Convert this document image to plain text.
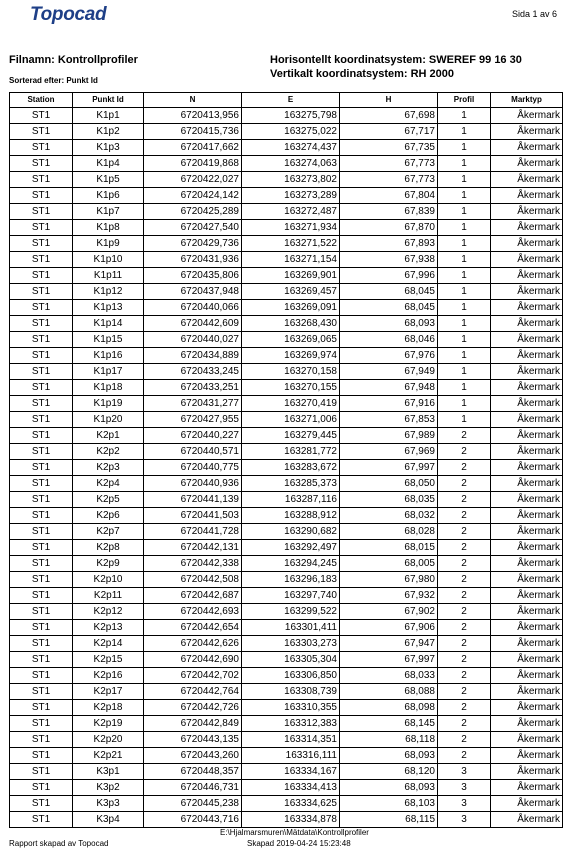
Topocad	Sida 1 av 6
Filnamn: Kontrollprofiler
Sorterad efter: Punkt Id
Horisontellt koordinatsystem: SWEREF 99 16 30
Vertikalt koordinatsystem: RH 2000
Station	Punkt Id	N	E	H	Profil	Marktyp
ST1	K1p1	6720413,956	163275,798	67,698	1	Åkermark
ST1	K1p2	6720415,736	163275,022	67,717	1	Åkermark
ST1	K1p3	6720417,662	163274,437	67,735	1	Åkermark
ST1	K1p4	6720419,868	163274,063	67,773	1	Åkermark
ST1	K1p5	6720422,027	163273,802	67,773	1	Åkermark
ST1	K1p6	6720424,142	163273,289	67,804	1	Åkermark
ST1	K1p7	6720425,289	163272,487	67,839	1	Åkermark
ST1	K1p8	6720427,540	163271,934	67,870	1	Åkermark
ST1	K1p9	6720429,736	163271,522	67,893	1	Åkermark
ST1	K1p10	6720431,936	163271,154	67,938	1	Åkermark
ST1	K1p11	6720435,806	163269,901	67,996	1	Åkermark
ST1	K1p12	6720437,948	163269,457	68,045	1	Åkermark
ST1	K1p13	6720440,066	163269,091	68,045	1	Åkermark
ST1	K1p14	6720442,609	163268,430	68,093	1	Åkermark
ST1	K1p15	6720440,027	163269,065	68,046	1	Åkermark
ST1	K1p16	6720434,889	163269,974	67,976	1	Åkermark
ST1	K1p17	6720433,245	163270,158	67,949	1	Åkermark
ST1	K1p18	6720433,251	163270,155	67,948	1	Åkermark
ST1	K1p19	6720431,277	163270,419	67,916	1	Åkermark
ST1	K1p20	6720427,955	163271,006	67,853	1	Åkermark
ST1	K2p1	6720440,227	163279,445	67,989	2	Åkermark
ST1	K2p2	6720440,571	163281,772	67,969	2	Åkermark
ST1	K2p3	6720440,775	163283,672	67,997	2	Åkermark
ST1	K2p4	6720440,936	163285,373	68,050	2	Åkermark
ST1	K2p5	6720441,139	163287,116	68,035	2	Åkermark
ST1	K2p6	6720441,503	163288,912	68,032	2	Åkermark
ST1	K2p7	6720441,728	163290,682	68,028	2	Åkermark
ST1	K2p8	6720442,131	163292,497	68,015	2	Åkermark
ST1	K2p9	6720442,338	163294,245	68,005	2	Åkermark
ST1	K2p10	6720442,508	163296,183	67,980	2	Åkermark
ST1	K2p11	6720442,687	163297,740	67,932	2	Åkermark
ST1	K2p12	6720442,693	163299,522	67,902	2	Åkermark
ST1	K2p13	6720442,654	163301,411	67,906	2	Åkermark
ST1	K2p14	6720442,626	163303,273	67,947	2	Åkermark
ST1	K2p15	6720442,690	163305,304	67,997	2	Åkermark
ST1	K2p16	6720442,702	163306,850	68,033	2	Åkermark
ST1	K2p17	6720442,764	163308,739	68,088	2	Åkermark
ST1	K2p18	6720442,726	163310,355	68,098	2	Åkermark
ST1	K2p19	6720442,849	163312,383	68,145	2	Åkermark
ST1	K2p20	6720443,135	163314,351	68,118	2	Åkermark
ST1	K2p21	6720443,260	163316,111	68,093	2	Åkermark
ST1	K3p1	6720448,357	163334,167	68,120	3	Åkermark
ST1	K3p2	6720446,731	163334,413	68,093	3	Åkermark
ST1	K3p3	6720445,238	163334,625	68,103	3	Åkermark
ST1	K3p4	6720443,716	163334,878	68,115	3	Åkermark
E:\Hjalmarsmuren\Mätdata\Kontrollprofiler
Skapad 2019-04-24 15:23:48
Rapport skapad av Topocad
